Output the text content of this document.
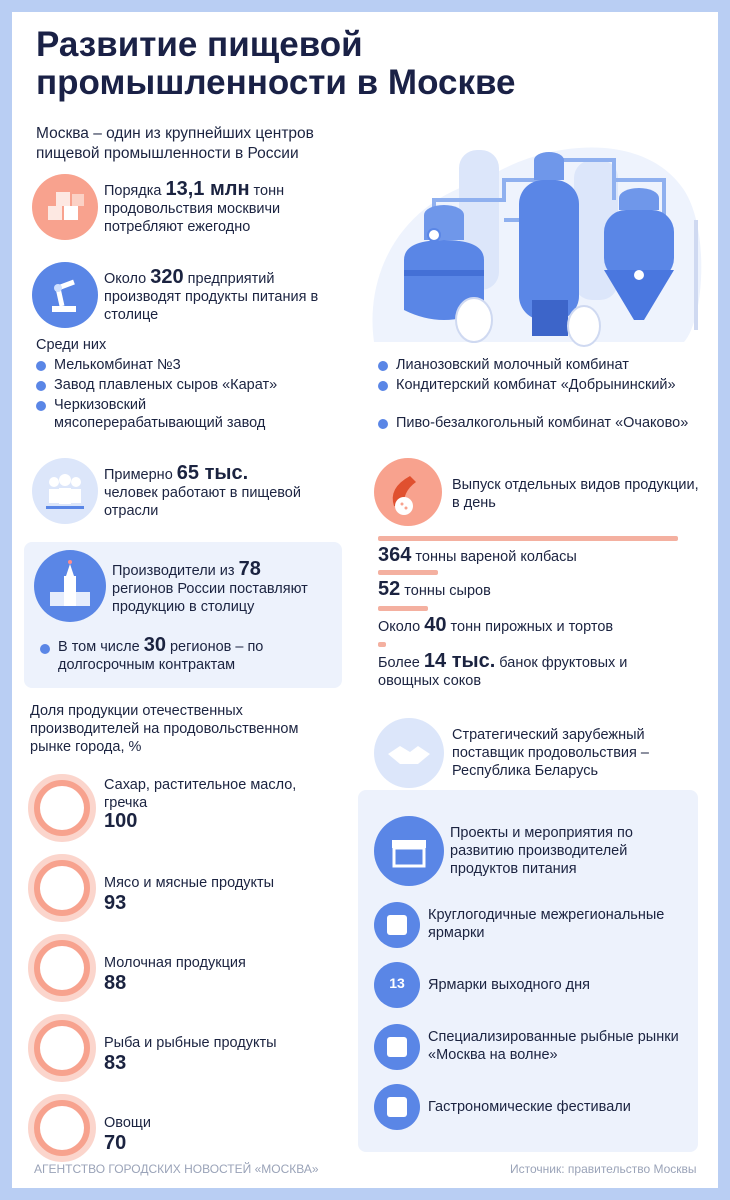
Развитие пищевой промышленности в Москве
Москва – один из крупнейших центров пищевой промышленности в России
Порядка 13,1 млн тонн продовольствия москвичи потребляют ежегодно
Около 320 предприятий производят продукты питания в столице
Среди них
Мелькомбинат №3
Завод плавленых сыров «Карат»
Черкизовский мясоперерабатывающий завод
Лианозовский молочный комбинат
Кондитерский комбинат «Добрынинский»
Пиво-безалкогольный комбинат «Очаково»
Примерно 65 тыс.
человек работают в пищевой отрасли
Производители из 78
регионов России поставляют продукцию в столицу
В том числе 30 регионов – по долгосрочным контрактам
Выпуск отдельных видов продукции, в день
364 тонны вареной колбасы
52 тонны сыров
Около 40 тонн пирожных и тортов
Более 14 тыс. банок фруктовых и овощных соков
Доля продукции отечественных производителей на продовольственном рынке города, %
Сахар, растительное масло, гречка
100
Мясо и мясные продукты
93
Молочная продукция
88
Рыба и рыбные продукты
83
Овощи
70
Стратегический зарубежный поставщик продовольствия – Республика Беларусь
Проекты и мероприятия по развитию производителей продуктов питания
Круглогодичные межрегиональные ярмарки
13	Ярмарки выходного дня
Специализированные рыбные рынки «Москва на волне»
Гастрономические фестивали
АГЕНТСТВО ГОРОДСКИХ НОВОСТЕЙ «МОСКВА»	Источник: правительство Москвы
